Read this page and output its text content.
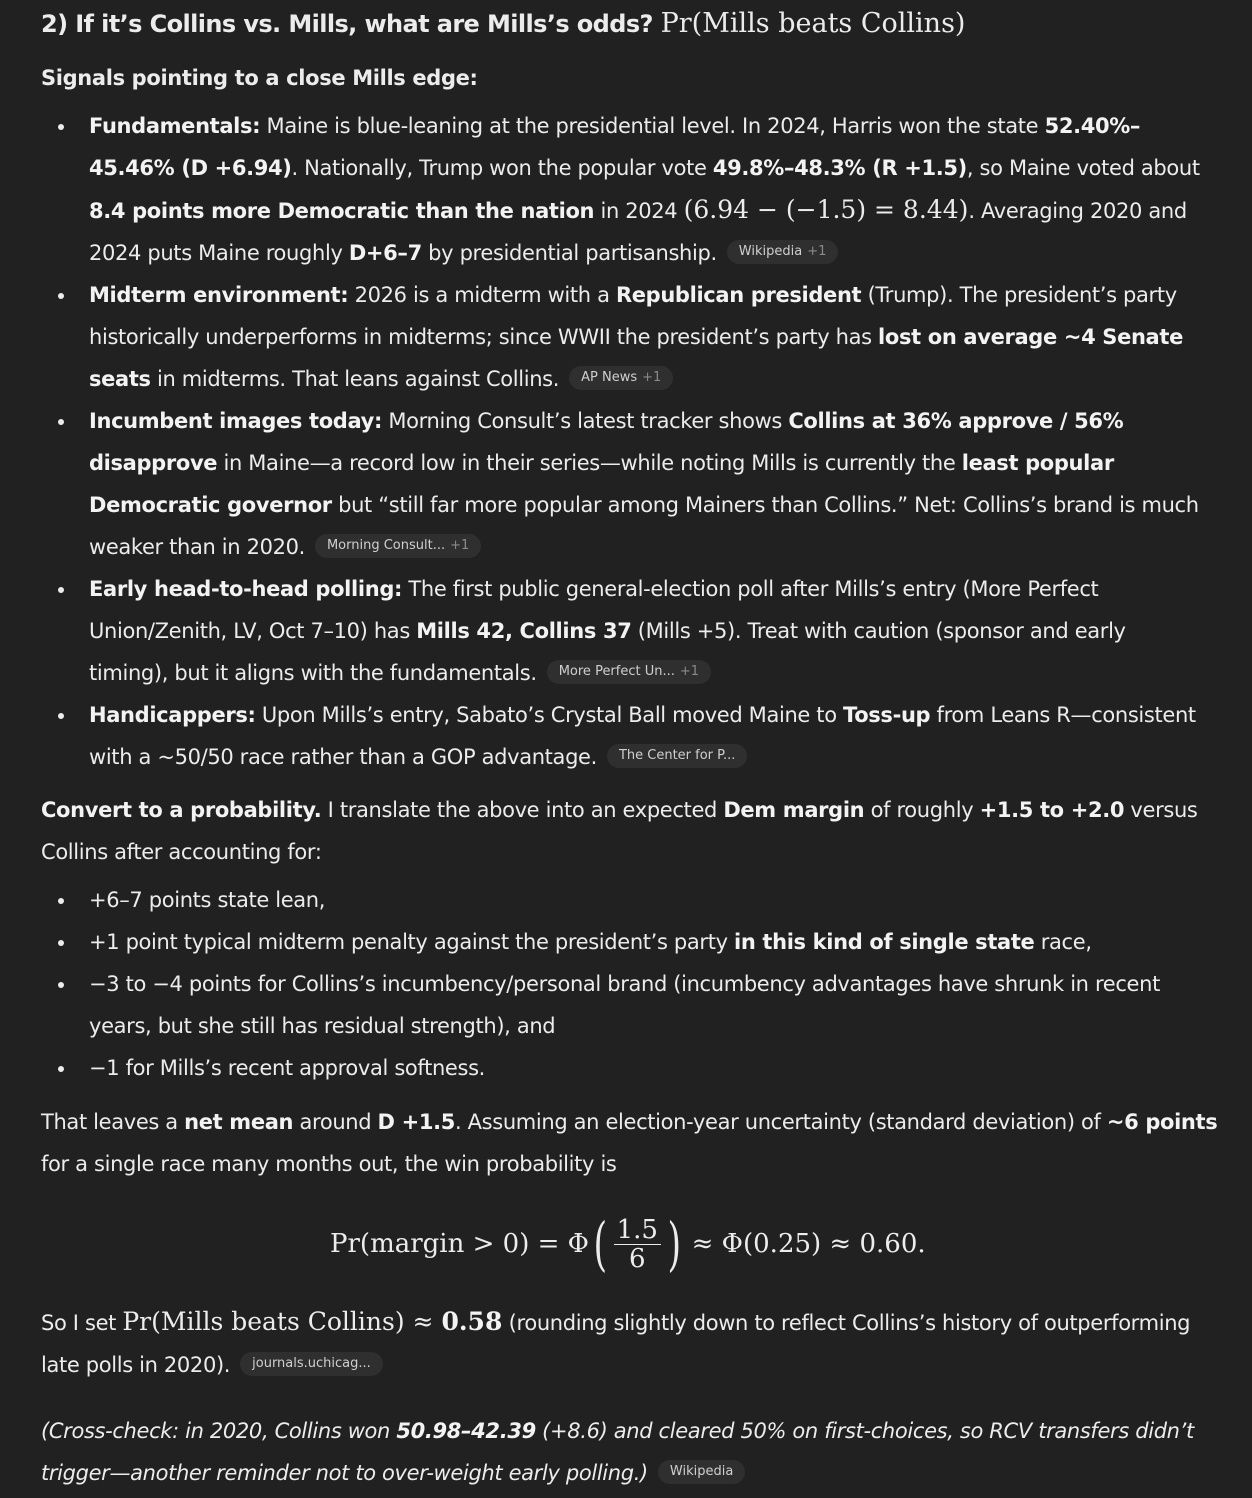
2) If it’s Collins vs. Mills, what are Mills’s odds? Pr(Mills beats Collins)
Signals pointing to a close Mills edge:
Fundamentals: Maine is blue-leaning at the presidential level. In 2024, Harris won the state 52.40%–45.46% (D +6.94). Nationally, Trump won the popular vote 49.8%–48.3% (R +1.5), so Maine voted about 8.4 points more Democratic than the nation in 2024 (6.94 − (−1.5) = 8.44). Averaging 2020 and 2024 puts Maine roughly D+6–7 by presidential partisanship. Wikipedia +1
Midterm environment: 2026 is a midterm with a Republican president (Trump). The president’s party historically underperforms in midterms; since WWII the president’s party has lost on average ~4 Senate seats in midterms. That leans against Collins. AP News +1
Incumbent images today: Morning Consult’s latest tracker shows Collins at 36% approve / 56% disapprove in Maine—a record low in their series—while noting Mills is currently the least popular Democratic governor but “still far more popular among Mainers than Collins.” Net: Collins’s brand is much weaker than in 2020. Morning Consult... +1
Early head-to-head polling: The first public general-election poll after Mills’s entry (More Perfect Union/Zenith, LV, Oct 7–10) has Mills 42, Collins 37 (Mills +5). Treat with caution (sponsor and early timing), but it aligns with the fundamentals. More Perfect Un... +1
Handicappers: Upon Mills’s entry, Sabato’s Crystal Ball moved Maine to Toss-up from Leans R—consistent with a ~50/50 race rather than a GOP advantage. The Center for P...

Convert to a probability. I translate the above into an expected Dem margin of roughly +1.5 to +2.0 versus Collins after accounting for:

+6–7 points state lean,
+1 point typical midterm penalty against the president’s party in this kind of single state race,
−3 to −4 points for Collins’s incumbency/personal brand (incumbency advantages have shrunk in recent years, but she still has residual strength), and
−1 for Mills’s recent approval softness.

That leaves a net mean around D +1.5. Assuming an election-year uncertainty (standard deviation) of ~6 points for a single race many months out, the win probability is

Pr(margin > 0) = Φ ( $\frac{1.5}{6}$ ) ≈ Φ(0.25) ≈ 0.60.

So I set Pr(Mills beats Collins) ≈ 0.58 (rounding slightly down to reflect Collins’s history of outperforming late polls in 2020). journals.uchicag...

(Cross-check: in 2020, Collins won 50.98–42.39 (+8.6) and cleared 50% on first-choices, so RCV transfers didn’t trigger—another reminder not to over-weight early polling.) Wikipedia
